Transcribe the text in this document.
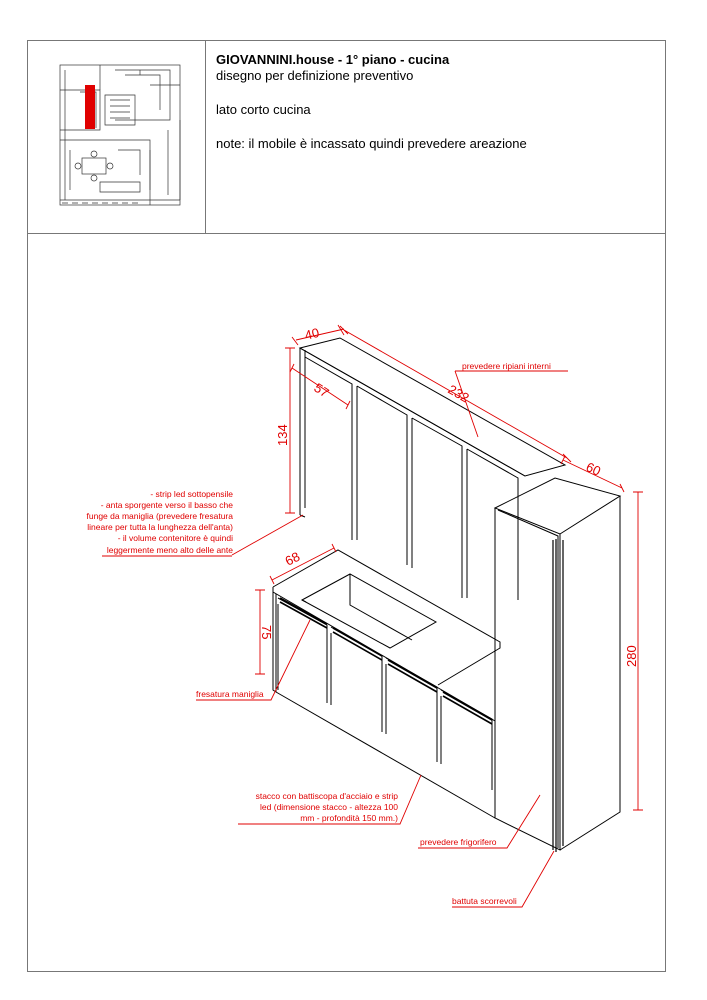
GIOVANNINI.house - 1° piano - cucina
disegno per definizione preventivo
lato corto cucina
note: il mobile è incassato quindi prevedere areazione
40
57	232
134
60
280
68
75
prevedere ripiani interni
- strip led sottopensile
- anta sporgente verso il basso che
funge da maniglia (prevedere fresatura
lineare per tutta la lunghezza dell'anta)
- il volume contenitore è quindi
leggermente meno alto delle ante
fresatura maniglia
stacco con battiscopa d'acciaio e strip
led (dimensione stacco - altezza 100
mm - profondità 150 mm.)
prevedere frigorifero
battuta scorrevoli
